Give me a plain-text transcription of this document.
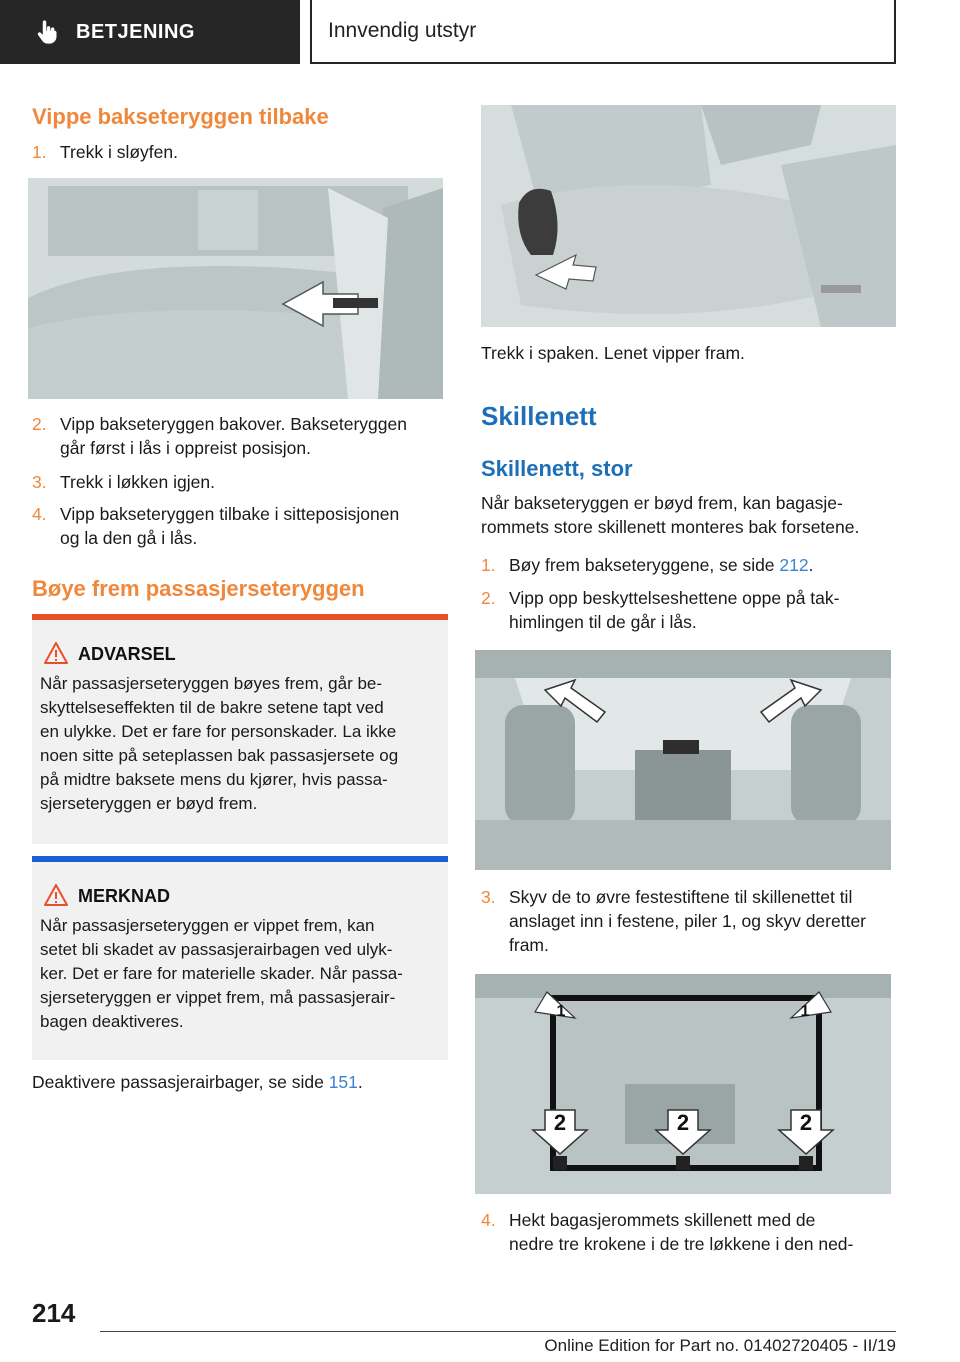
BETJENING	Innvendig utstyr
Vippe bakseteryggen tilbake
1. Trekk i sløyfen.
2. Vipp bakseteryggen bakover. Bakseteryggen
går først i lås i oppreist posisjon.
3. Trekk i løkken igjen.
4. Vipp bakseteryggen tilbake i sitteposisjonen
og la den gå i lås.
Bøye frem passasjerseteryggen
ADVARSEL
Når passasjerseteryggen bøyes frem, går be-
skyttelseseffekten til de bakre setene tapt ved
en ulykke. Det er fare for personskader. La ikke
noen sitte på seteplassen bak passasjersete og
på midtre baksete mens du kjører, hvis passa-
sjerseteryggen er bøyd frem.
MERKNAD
Når passasjerseteryggen er vippet frem, kan
setet bli skadet av passasjerairbagen ved ulyk-
ker. Det er fare for materielle skader. Når passa-
sjerseteryggen er vippet frem, må passasjerair-
bagen deaktiveres.
Deaktivere passasjerairbager, se side 151.
Trekk i spaken. Lenet vipper fram.
Skillenett
Skillenett, stor
Når bakseteryggen er bøyd frem, kan bagasje-
rommets store skillenett monteres bak forsetene.
1. Bøy frem bakseteryggene, se side 212.
2. Vipp opp beskyttelseshettene oppe på tak-
himlingen til de går i lås.
3. Skyv de to øvre festestiftene til skillenettet til
anslaget inn i festene, piler 1, og skyv deretter
fram.
1	1
2	2	2
4. Hekt bagasjerommets skillenett med de
nedre tre krokene i de tre løkkene i den ned-
214
Online Edition for Part no. 01402720405 - II/19
